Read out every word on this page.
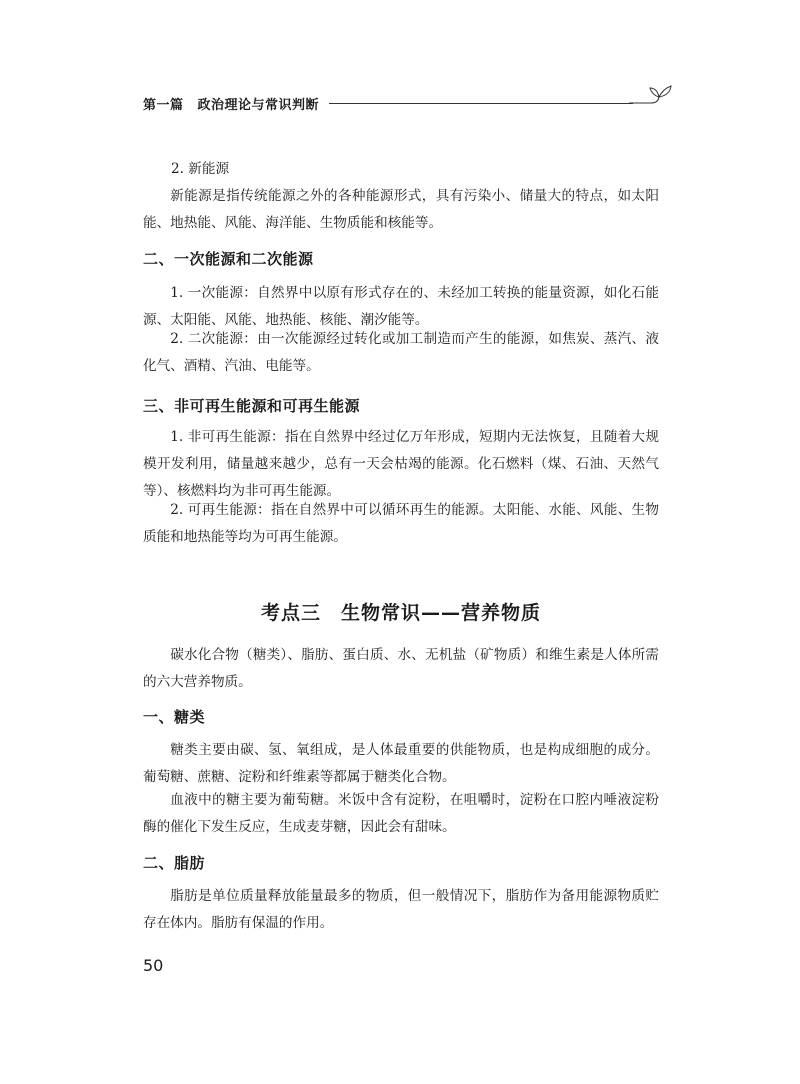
第一篇 政治理论与常识判断

2. 新能源

新能源是指传统能源之外的各种能源形式，具有污染小、储量大的特点，如太阳能、地热能、风能、海洋能、生物质能和核能等。

二、一次能源和二次能源

1. 一次能源：自然界中以原有形式存在的、未经加工转换的能量资源，如化石能源、太阳能、风能、地热能、核能、潮汐能等。

2. 二次能源：由一次能源经过转化或加工制造而产生的能源，如焦炭、蒸汽、液化气、酒精、汽油、电能等。

三、非可再生能源和可再生能源

1. 非可再生能源：指在自然界中经过亿万年形成，短期内无法恢复，且随着大规模开发利用，储量越来越少，总有一天会枯竭的能源。化石燃料（煤、石油、天然气等）、核燃料均为非可再生能源。

2. 可再生能源：指在自然界中可以循环再生的能源。太阳能、水能、风能、生物质能和地热能等均为可再生能源。

考点三　生物常识——营养物质

碳水化合物（糖类）、脂肪、蛋白质、水、无机盐（矿物质）和维生素是人体所需的六大营养物质。

一、糖类

糖类主要由碳、氢、氧组成，是人体最重要的供能物质，也是构成细胞的成分。葡萄糖、蔗糖、淀粉和纤维素等都属于糖类化合物。

血液中的糖主要为葡萄糖。米饭中含有淀粉，在咀嚼时，淀粉在口腔内唾液淀粉酶的催化下发生反应，生成麦芽糖，因此会有甜味。

二、脂肪

脂肪是单位质量释放能量最多的物质，但一般情况下，脂肪作为备用能源物质贮存在体内。脂肪有保温的作用。

50
